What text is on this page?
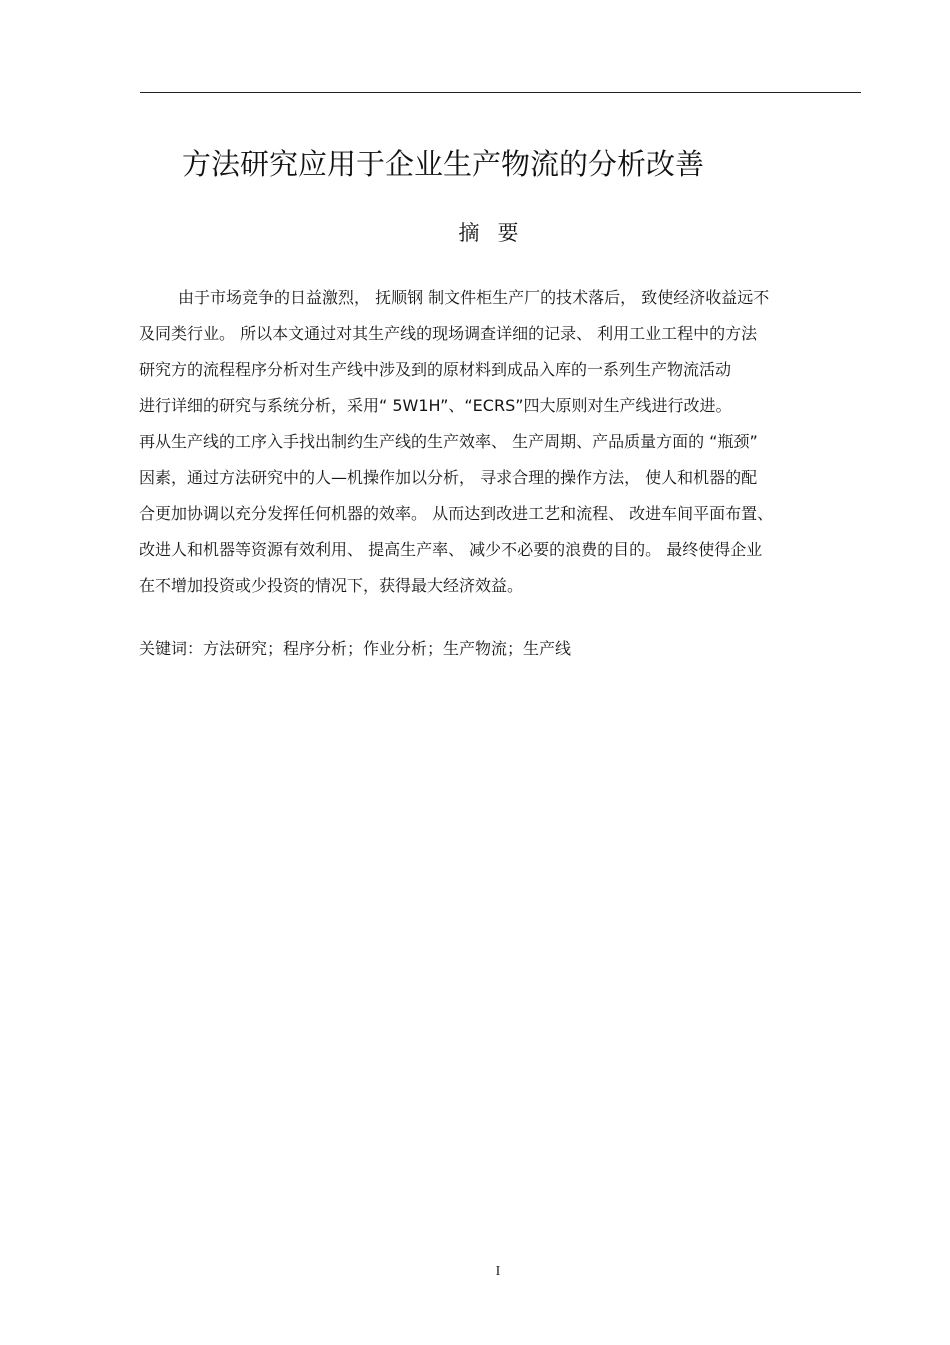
方法研究应用于企业生产物流的分析改善
摘要
由于市场竞争的日益激烈， 抚顺钢 制文件柜生产厂的技术落后， 致使经济收益远不
及同类行业。 所以本文通过对其生产线的现场调查详细的记录、 利用工业工程中的方法
研究方的流程程序分析对生产线中涉及到的原材料到成品入库的一系列生产物流活动
进行详细的研究与系统分析，采用“ 5W1H”、“ECRS”四大原则对生产线进行改进。
再从生产线的工序入手找出制约生产线的生产效率、 生产周期、产品质量方面的 “瓶颈”
因素，通过方法研究中的人—机操作加以分析， 寻求合理的操作方法， 使人和机器的配
合更加协调以充分发挥任何机器的效率。 从而达到改进工艺和流程、 改进车间平面布置、
改进人和机器等资源有效利用、 提高生产率、 减少不必要的浪费的目的。 最终使得企业
在不增加投资或少投资的情况下，获得最大经济效益。
关键词：方法研究；程序分析；作业分析；生产物流；生产线
I
